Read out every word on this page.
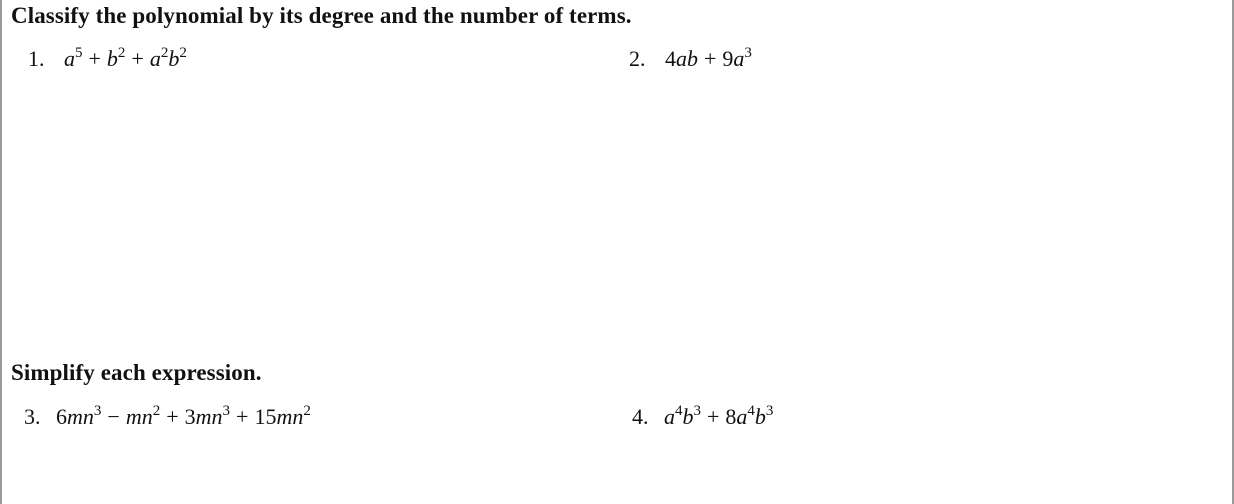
Classify the polynomial by its degree and the number of terms.
1. $a^5 + b^2 + a^2b^2$	2. $4ab + 9a^3$
Simplify each expression.
3. $6mn^3 - mn^2 + 3mn^3 + 15mn^2$	4. $a^4b^3 + 8a^4b^3$
